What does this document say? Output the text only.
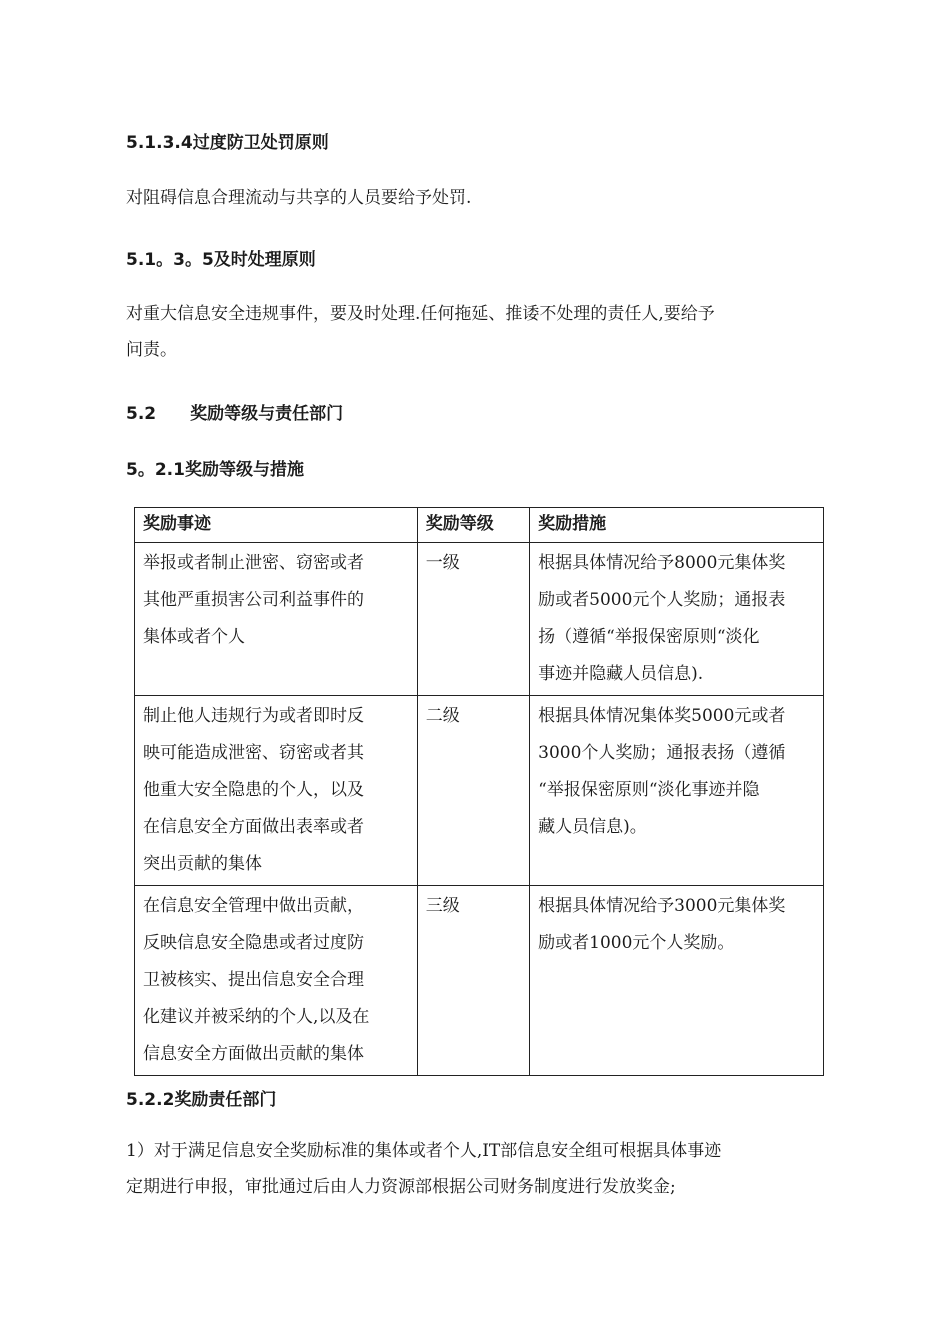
5.1.3.4过度防卫处罚原则
对阻碍信息合理流动与共享的人员要给予处罚.
5.1。3。5及时处理原则
对重大信息安全违规事件，要及时处理.任何拖延、推诿不处理的责任人,要给予
问责。
5.2　　奖励等级与责任部门
5。2.1奖励等级与措施
奖励事迹	奖励等级	奖励措施

举报或者制止泄密、窃密或者
其他严重损害公司利益事件的
集体或者个人	一级	根据具体情况给予8000元集体奖
励或者5000元个人奖励；通报表
扬（遵循“举报保密原则“淡化
事迹并隐藏人员信息).

制止他人违规行为或者即时反
映可能造成泄密、窃密或者其
他重大安全隐患的个人，以及
在信息安全方面做出表率或者
突出贡献的集体	二级	根据具体情况集体奖5000元或者
3000个人奖励；通报表扬（遵循
“举报保密原则“淡化事迹并隐
藏人员信息)。

在信息安全管理中做出贡献，
反映信息安全隐患或者过度防
卫被核实、提出信息安全合理
化建议并被采纳的个人,以及在
信息安全方面做出贡献的集体	三级	根据具体情况给予3000元集体奖
励或者1000元个人奖励。
5.2.2奖励责任部门
1）对于满足信息安全奖励标准的集体或者个人,IT部信息安全组可根据具体事迹
定期进行申报，审批通过后由人力资源部根据公司财务制度进行发放奖金;
